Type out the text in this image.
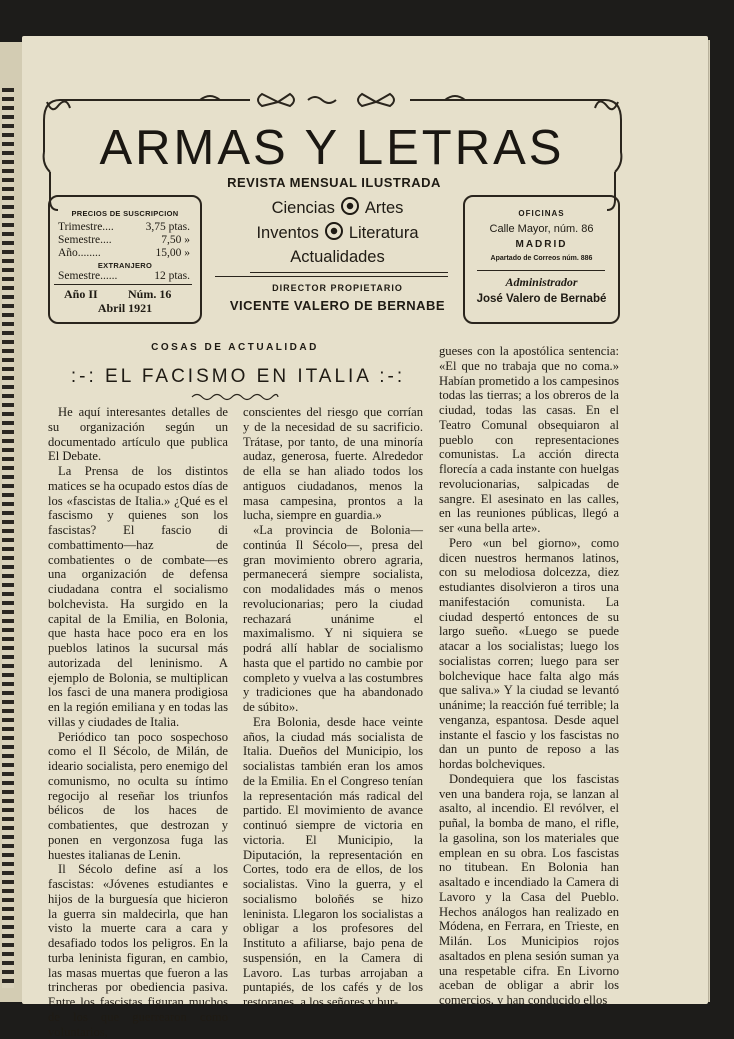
ARMAS Y LETRAS
REVISTA MENSUAL ILUSTRADA
Ciencias Artes
Inventos Literatura
Actualidades
DIRECTOR PROPIETARIO
VICENTE VALERO DE BERNABE
PRECIOS DE SUSCRIPCION
Trimestre....	3,75 ptas.
Semestre....	7,50 »
Año........	15,00 »
EXTRANJERO
Semestre......	12 ptas.
Año II	Núm. 16
Abril 1921
OFICINAS
Calle Mayor, núm. 86
MADRID
Apartado de Correos núm. 886
Administrador
José Valero de Bernabé
COSAS DE ACTUALIDAD
:-: EL FACISMO EN ITALIA :-:

He aquí interesantes detalles de su organización según un documentado artículo que publica El Debate.

La Prensa de los distintos matices se ha ocupado estos días de los «fascistas de Italia.» ¿Qué es el fascismo y quienes son los fascistas? El fascio di combattimento—haz de combatientes o de combate—es una organización de defensa ciudadana contra el socialismo bolchevista. Ha surgido en la capital de la Emilia, en Bolonia, que hasta hace poco era en los pueblos latinos la sucursal más autorizada del leninismo. A ejemplo de Bolonia, se multiplican los fasci de una manera prodigiosa en la región emiliana y en todas las villas y ciudades de Italia.

Periódico tan poco sospechoso como el Il Sécolo, de Milán, de ideario socialista, pero enemigo del comunismo, no oculta su íntimo regocijo al reseñar los triunfos bélicos de los haces de combatientes, que destrozan y ponen en vergonzosa fuga las huestes italianas de Lenin.

Il Sécolo define así a los fascistas: «Jóvenes estudiantes e hijos de la burguesía que hicieron la guerra sin maldecirla, que han visto la muerte cara a cara y desafiado todos los peligros. En la turba leninista figuran, en cambio, las masas muertas que fueron a las trincheras por obediencia pasiva. Entre los fascistas figuran muchos de los que guerrearon como voluntarios,

conscientes del riesgo que corrían y de la necesidad de su sacrificio. Trátase, por tanto, de una minoría audaz, generosa, fuerte. Alrededor de ella se han aliado todos los antiguos ciudadanos, menos la masa campesina, prontos a la lucha, siempre en guardia.»

«La provincia de Bolonia—continúa Il Sécolo—, presa del gran movimiento obrero agraria, permanecerá siempre socialista, con modalidades más o menos revolucionarias; pero la ciudad rechazará unánime el maximalismo. Y ni siquiera se podrá allí hablar de socialismo hasta que el partido no cambie por completo y vuelva a las costumbres y tradiciones que ha abandonado de súbito».

Era Bolonia, desde hace veinte años, la ciudad más socialista de Italia. Dueños del Municipio, los socialistas también eran los amos de la Emilia. En el Congreso tenían la representación más radical del partido. El movimiento de avance continuó siempre de victoria en victoria. El Municipio, la Diputación, la representación en Cortes, todo era de ellos, de los socialistas. Vino la guerra, y el socialismo boloñés se hizo leninista. Llegaron los socialistas a obligar a los profesores del Instituto a afiliarse, bajo pena de suspensión, en la Camera di Lavoro. Las turbas arrojaban a puntapiés, de los cafés y de los restoranes, a los señores y bur-

gueses con la apostólica sentencia: «El que no trabaja que no coma.» Habían prometido a los campesinos todas las tierras; a los obreros de la ciudad, todas las casas. En el Teatro Comunal obsequiaron al pueblo con representaciones comunistas. La acción directa florecía a cada instante con huelgas revolucionarias, salpicadas de sangre. El asesinato en las calles, en las reuniones públicas, llegó a ser «una bella arte».

Pero «un bel giorno», como dicen nuestros hermanos latinos, con su melodiosa dolcezza, diez estudiantes disolvieron a tiros una manifestación comunista. La ciudad despertó entonces de su largo sueño. «Luego se puede atacar a los socialistas; luego los socialistas corren; luego para ser bolchevique hace falta algo más que saliva.» Y la ciudad se levantó unánime; la reacción fué terrible; la venganza, espantosa. Desde aquel instante el fascio y los fascistas no dan un punto de reposo a las hordas bolcheviques.

Dondequiera que los fascistas ven una bandera roja, se lanzan al asalto, al incendio. El revólver, el puñal, la bomba de mano, el rifle, la gasolina, son los materiales que emplean en su obra. Los fascistas no titubean. En Bolonia han asaltado e incendiado la Camera di Lavoro y la Casa del Pueblo. Hechos análogos han realizado en Módena, en Ferrara, en Trieste, en Milán. Los Municipios rojos asaltados en plena sesión suman ya una respetable cifra. En Livorno aceban de obligar a abrir los comercios, y han conducido ellos
